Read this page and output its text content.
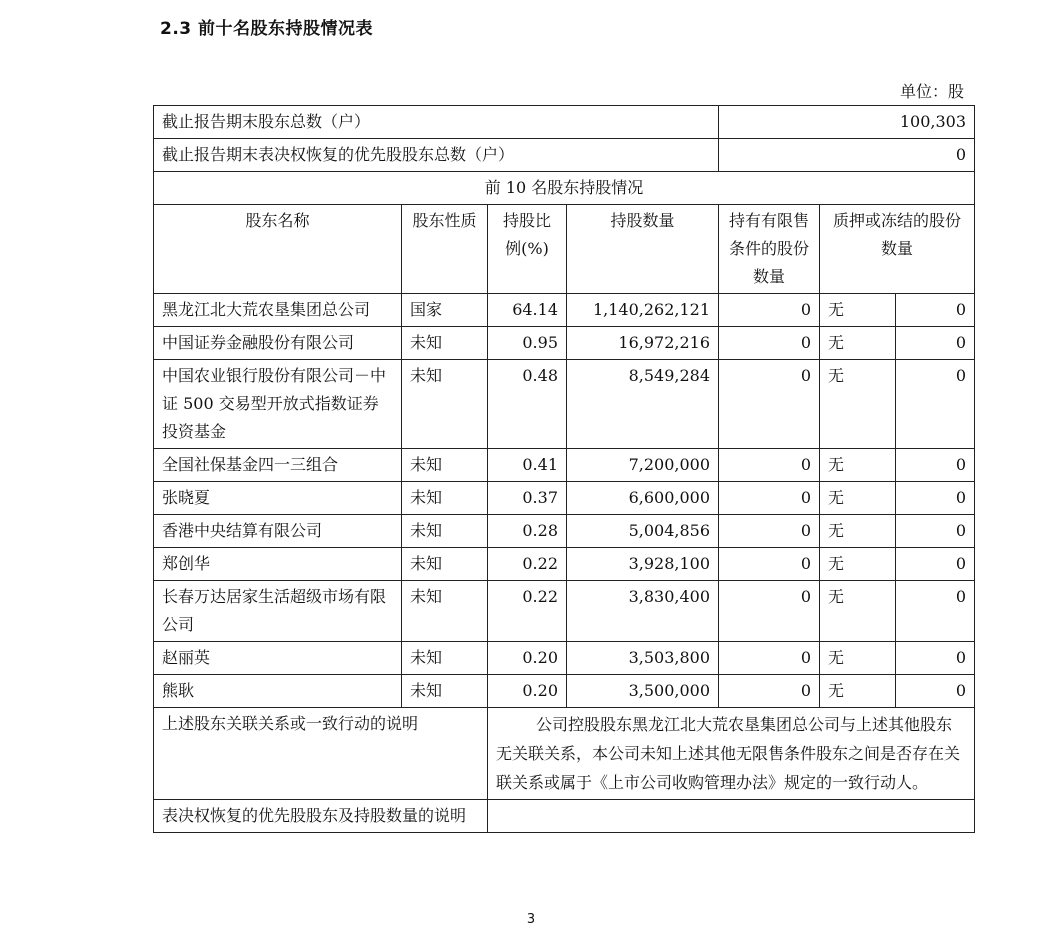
2.3 前十名股东持股情况表
单位：股
截止报告期末股东总数（户）				100,303		
截止报告期末表决权恢复的优先股股东总数（户）				0		
前 10 名股东持股情况						
股东名称	股东性质	持股比例(%)	持股数量	持有有限售条件的股份数量	质押或冻结的股份数量	
黑龙江北大荒农垦集团总公司	国家	64.14	1,140,262,121	0	无	0
中国证券金融股份有限公司	未知	0.95	16,972,216	0	无	0
中国农业银行股份有限公司－中证 500 交易型开放式指数证券投资基金	未知	0.48	8,549,284	0	无	0
全国社保基金四一三组合	未知	0.41	7,200,000	0	无	0
张晓夏	未知	0.37	6,600,000	0	无	0
香港中央结算有限公司	未知	0.28	5,004,856	0	无	0
郑创华	未知	0.22	3,928,100	0	无	0
长春万达居家生活超级市场有限公司	未知	0.22	3,830,400	0	无	0
赵丽英	未知	0.20	3,503,800	0	无	0
熊耿	未知	0.20	3,500,000	0	无	0
上述股东关联关系或一致行动的说明		公司控股股东黑龙江北大荒农垦集团总公司与上述其他股东无关联关系，本公司未知上述其他无限售条件股东之间是否存在关联关系或属于《上市公司收购管理办法》规定的一致行动人。				
表决权恢复的优先股股东及持股数量的说明						
3
